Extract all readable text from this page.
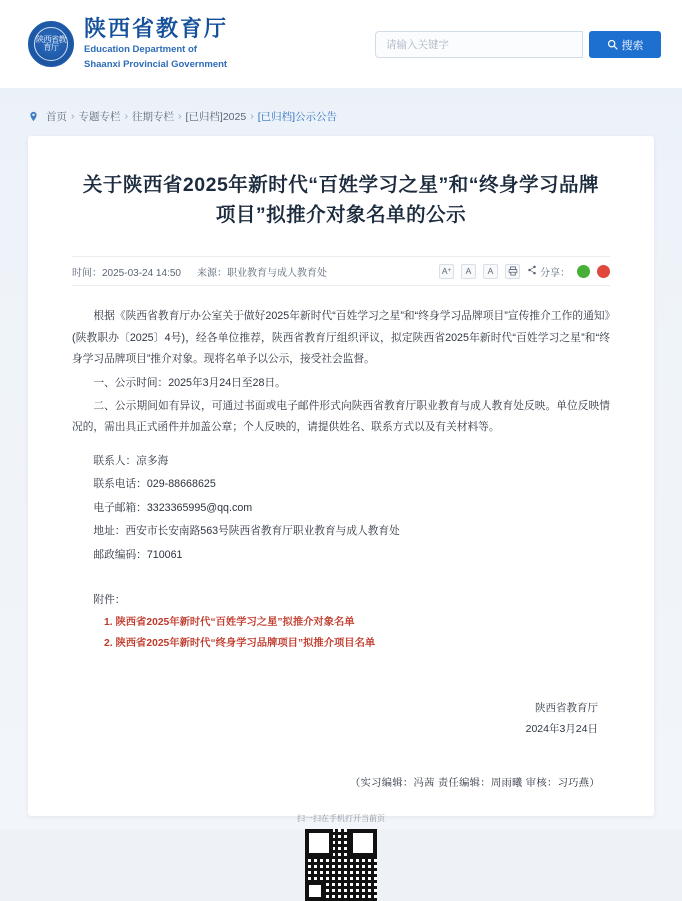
陕西省教育厅
陕西省教育厅
Education Department of
Shaanxi Provincial Government
请输入关键字
搜索
首页 › 专题专栏 › 往期专栏 › [已归档]2025 › [已归档]公示公告
关于陕西省2025年新时代“百姓学习之星”和“终身学习品牌项目”拟推介对象名单的公示
时间：2025-03-24 14:50 来源：职业教育与成人教育处	A +	A	A	分享：

根据《陕西省教育厅办公室关于做好2025年新时代“百姓学习之星”和“终身学习品牌项目”宣传推介工作的通知》(陕教职办〔2025〕4号)，经各单位推荐，陕西省教育厅组织评议，拟定陕西省2025年新时代“百姓学习之星”和“终身学习品牌项目”推介对象。现将名单予以公示，接受社会监督。

一、公示时间：2025年3月24日至28日。

二、公示期间如有异议，可通过书面或电子邮件形式向陕西省教育厅职业教育与成人教育处反映。单位反映情况的，需出具正式函件并加盖公章；个人反映的，请提供姓名、联系方式以及有关材料等。

联系人：凉多海

联系电话：029-88668625

电子邮箱：3323365995@qq.com

地址：西安市长安南路563号陕西省教育厅职业教育与成人教育处

邮政编码：710061

附件：
1. 陕西省2025年新时代“百姓学习之星”拟推介对象名单
2. 陕西省2025年新时代“终身学习品牌项目”拟推介项目名单
陕西省教育厅
2024年3月24日
（实习编辑：冯茜 责任编辑：周雨曦 审核：习巧燕）
扫一扫在手机打开当前页
